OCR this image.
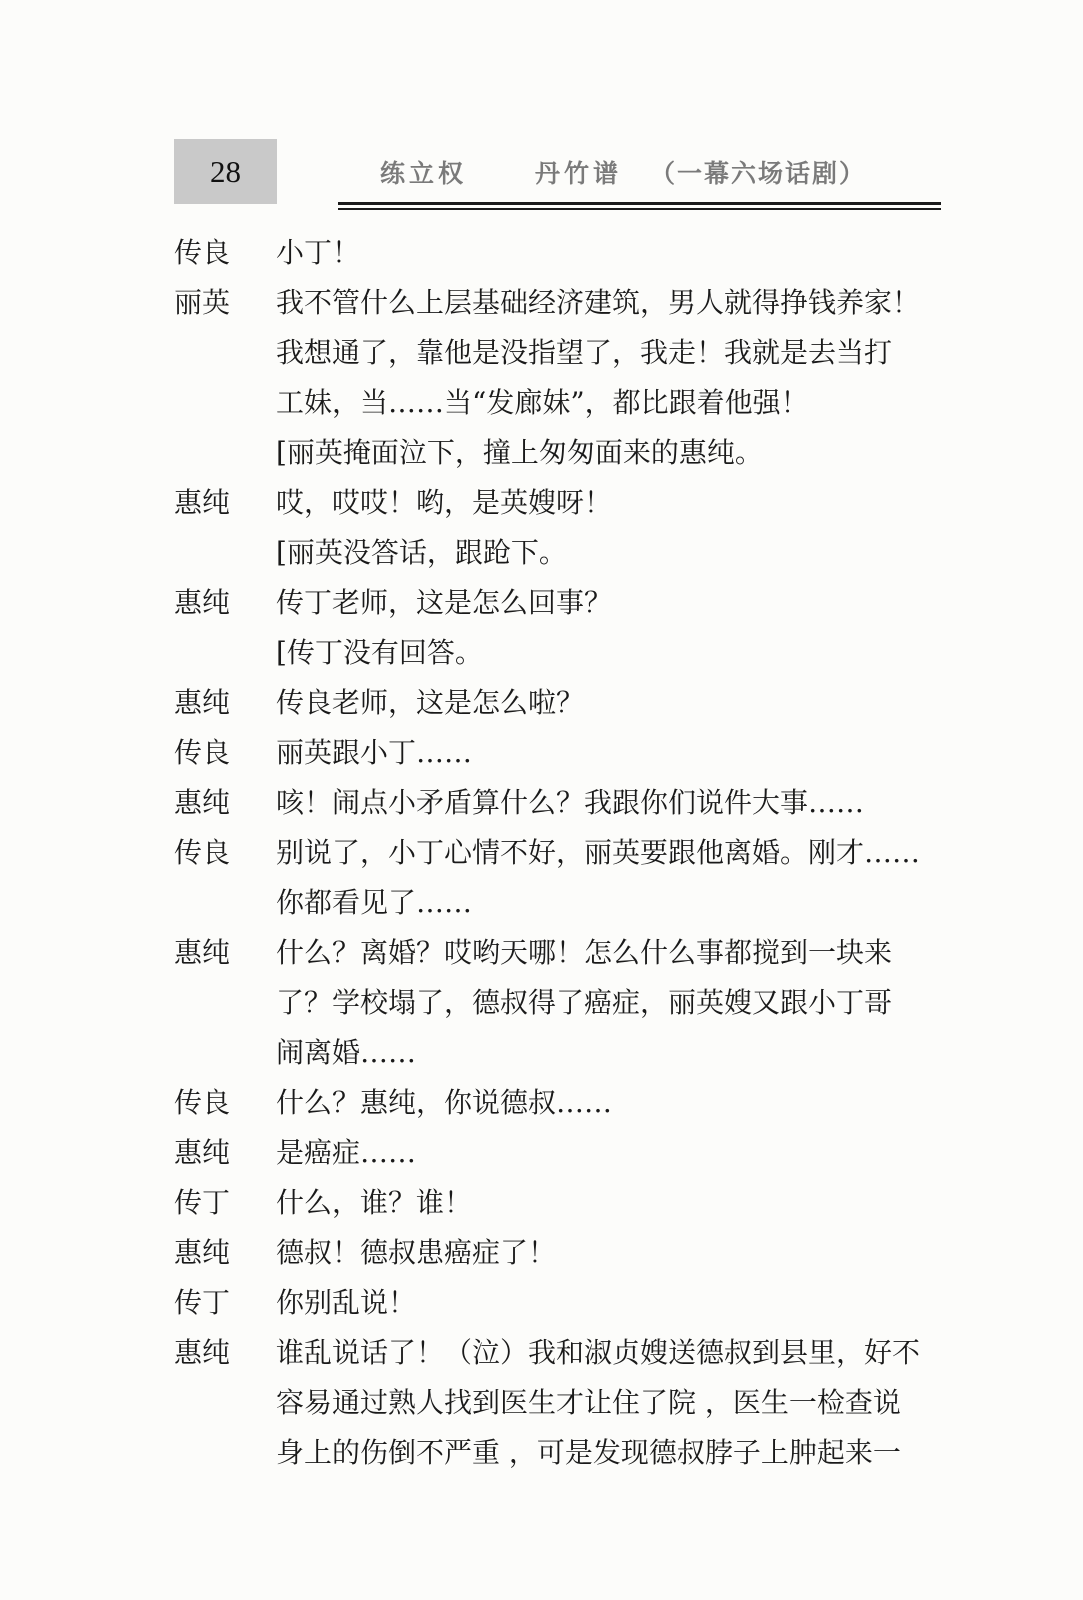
28	练立权	丹竹谱 （一幕六场话剧）
传良	小丁！
丽英	我不管什么上层基础经济建筑，男人就得挣钱养家！
我想通了，靠他是没指望了，我走！我就是去当打
工妹，当……当“发廊妹”，都比跟着他强！
[丽英掩面泣下，撞上匆匆面来的惠纯。
惠纯	哎，哎哎！哟，是英嫂呀！
[丽英没答话，跟跄下。
惠纯	传丁老师，这是怎么回事？
[传丁没有回答。
惠纯	传良老师，这是怎么啦？
传良	丽英跟小丁……
惠纯	咳！闹点小矛盾算什么？我跟你们说件大事……
传良	别说了，小丁心情不好，丽英要跟他离婚。刚才……
你都看见了……
惠纯	什么？离婚？哎哟天哪！怎么什么事都搅到一块来
了？学校塌了，德叔得了癌症，丽英嫂又跟小丁哥
闹离婚……
传良	什么？惠纯，你说德叔……
惠纯	是癌症……
传丁	什么，谁？谁！
惠纯	德叔！德叔患癌症了！
传丁	你别乱说！
惠纯	谁乱说话了！（泣）我和淑贞嫂送德叔到县里，好不
容易通过熟人找到医生才让住了院 ，医生一检查说
身上的伤倒不严重 ，可是发现德叔脖子上肿起来一
